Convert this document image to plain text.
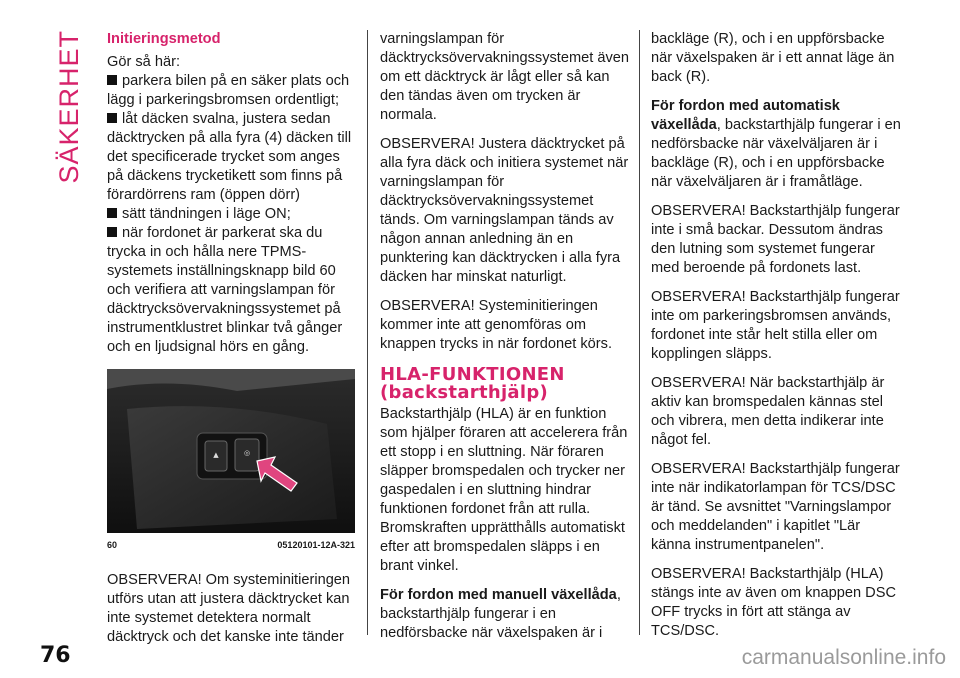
SÄKERHET Initieringsmetod

Gör så här:

parkera bilen på en säker plats och lägg i parkeringsbromsen ordentligt;

låt däcken svalna, justera sedan däcktrycken på alla fyra (4) däcken till det specificerade trycket som anges på däckens trycketikett som finns på förardörrens ram (öppen dörr)

sätt tändningen i läge ON;

när fordonet är parkerat ska du trycka in och hålla nere TPMS-systemets inställningsknapp bild 60 och verifiera att varningslampan för däcktrycksövervakningssystemet på instrumentklustret blinkar två gånger och en ljudsignal hörs en gång.

▲	◎
60	05120101-12A-321

OBSERVERA! Om systeminitieringen utförs utan att justera däcktrycket kan inte systemet detektera normalt däcktryck och det kanske inte tänder

varningslampan för däcktrycksövervakningssystemet även om ett däcktryck är lågt eller så kan den tändas även om trycken är normala.

OBSERVERA! Justera däcktrycket på alla fyra däck och initiera systemet när varningslampan för däcktrycksövervakningssystemet tänds. Om varningslampan tänds av någon annan anledning än en punktering kan däcktrycken i alla fyra däcken har minskat naturligt.

OBSERVERA! Systeminitieringen kommer inte att genomföras om knappen trycks in när fordonet körs.

HLA-FUNKTIONEN
(backstarthjälp)

Backstarthjälp (HLA) är en funktion som hjälper föraren att accelerera från ett stopp i en sluttning. När föraren släpper bromspedalen och trycker ner gaspedalen i en sluttning hindrar funktionen fordonet från att rulla. Bromskraften upprätthålls automatiskt efter att bromspedalen släpps i en brant vinkel.

För fordon med manuell växellåda, backstarthjälp fungerar i en nedförsbacke när växelspaken är i

backläge (R), och i en uppförsbacke när växelspaken är i ett annat läge än back (R).

För fordon med automatisk växellåda, backstarthjälp fungerar i en nedförsbacke när växelväljaren är i backläge (R), och i en uppförsbacke när växelväljaren är i framåtläge.

OBSERVERA! Backstarthjälp fungerar inte i små backar. Dessutom ändras den lutning som systemet fungerar med beroende på fordonets last.

OBSERVERA! Backstarthjälp fungerar inte om parkeringsbromsen används, fordonet inte står helt stilla eller om kopplingen släpps.

OBSERVERA! När backstarthjälp är aktiv kan bromspedalen kännas stel och vibrera, men detta indikerar inte något fel.

OBSERVERA! Backstarthjälp fungerar inte när indikatorlampan för TCS/DSC är tänd. Se avsnittet "Varningslampor och meddelanden" i kapitlet "Lär känna instrumentpanelen".

OBSERVERA! Backstarthjälp (HLA) stängs inte av även om knappen DSC OFF trycks in fört att stänga av TCS/DSC.

76	carmanualsonline.info
